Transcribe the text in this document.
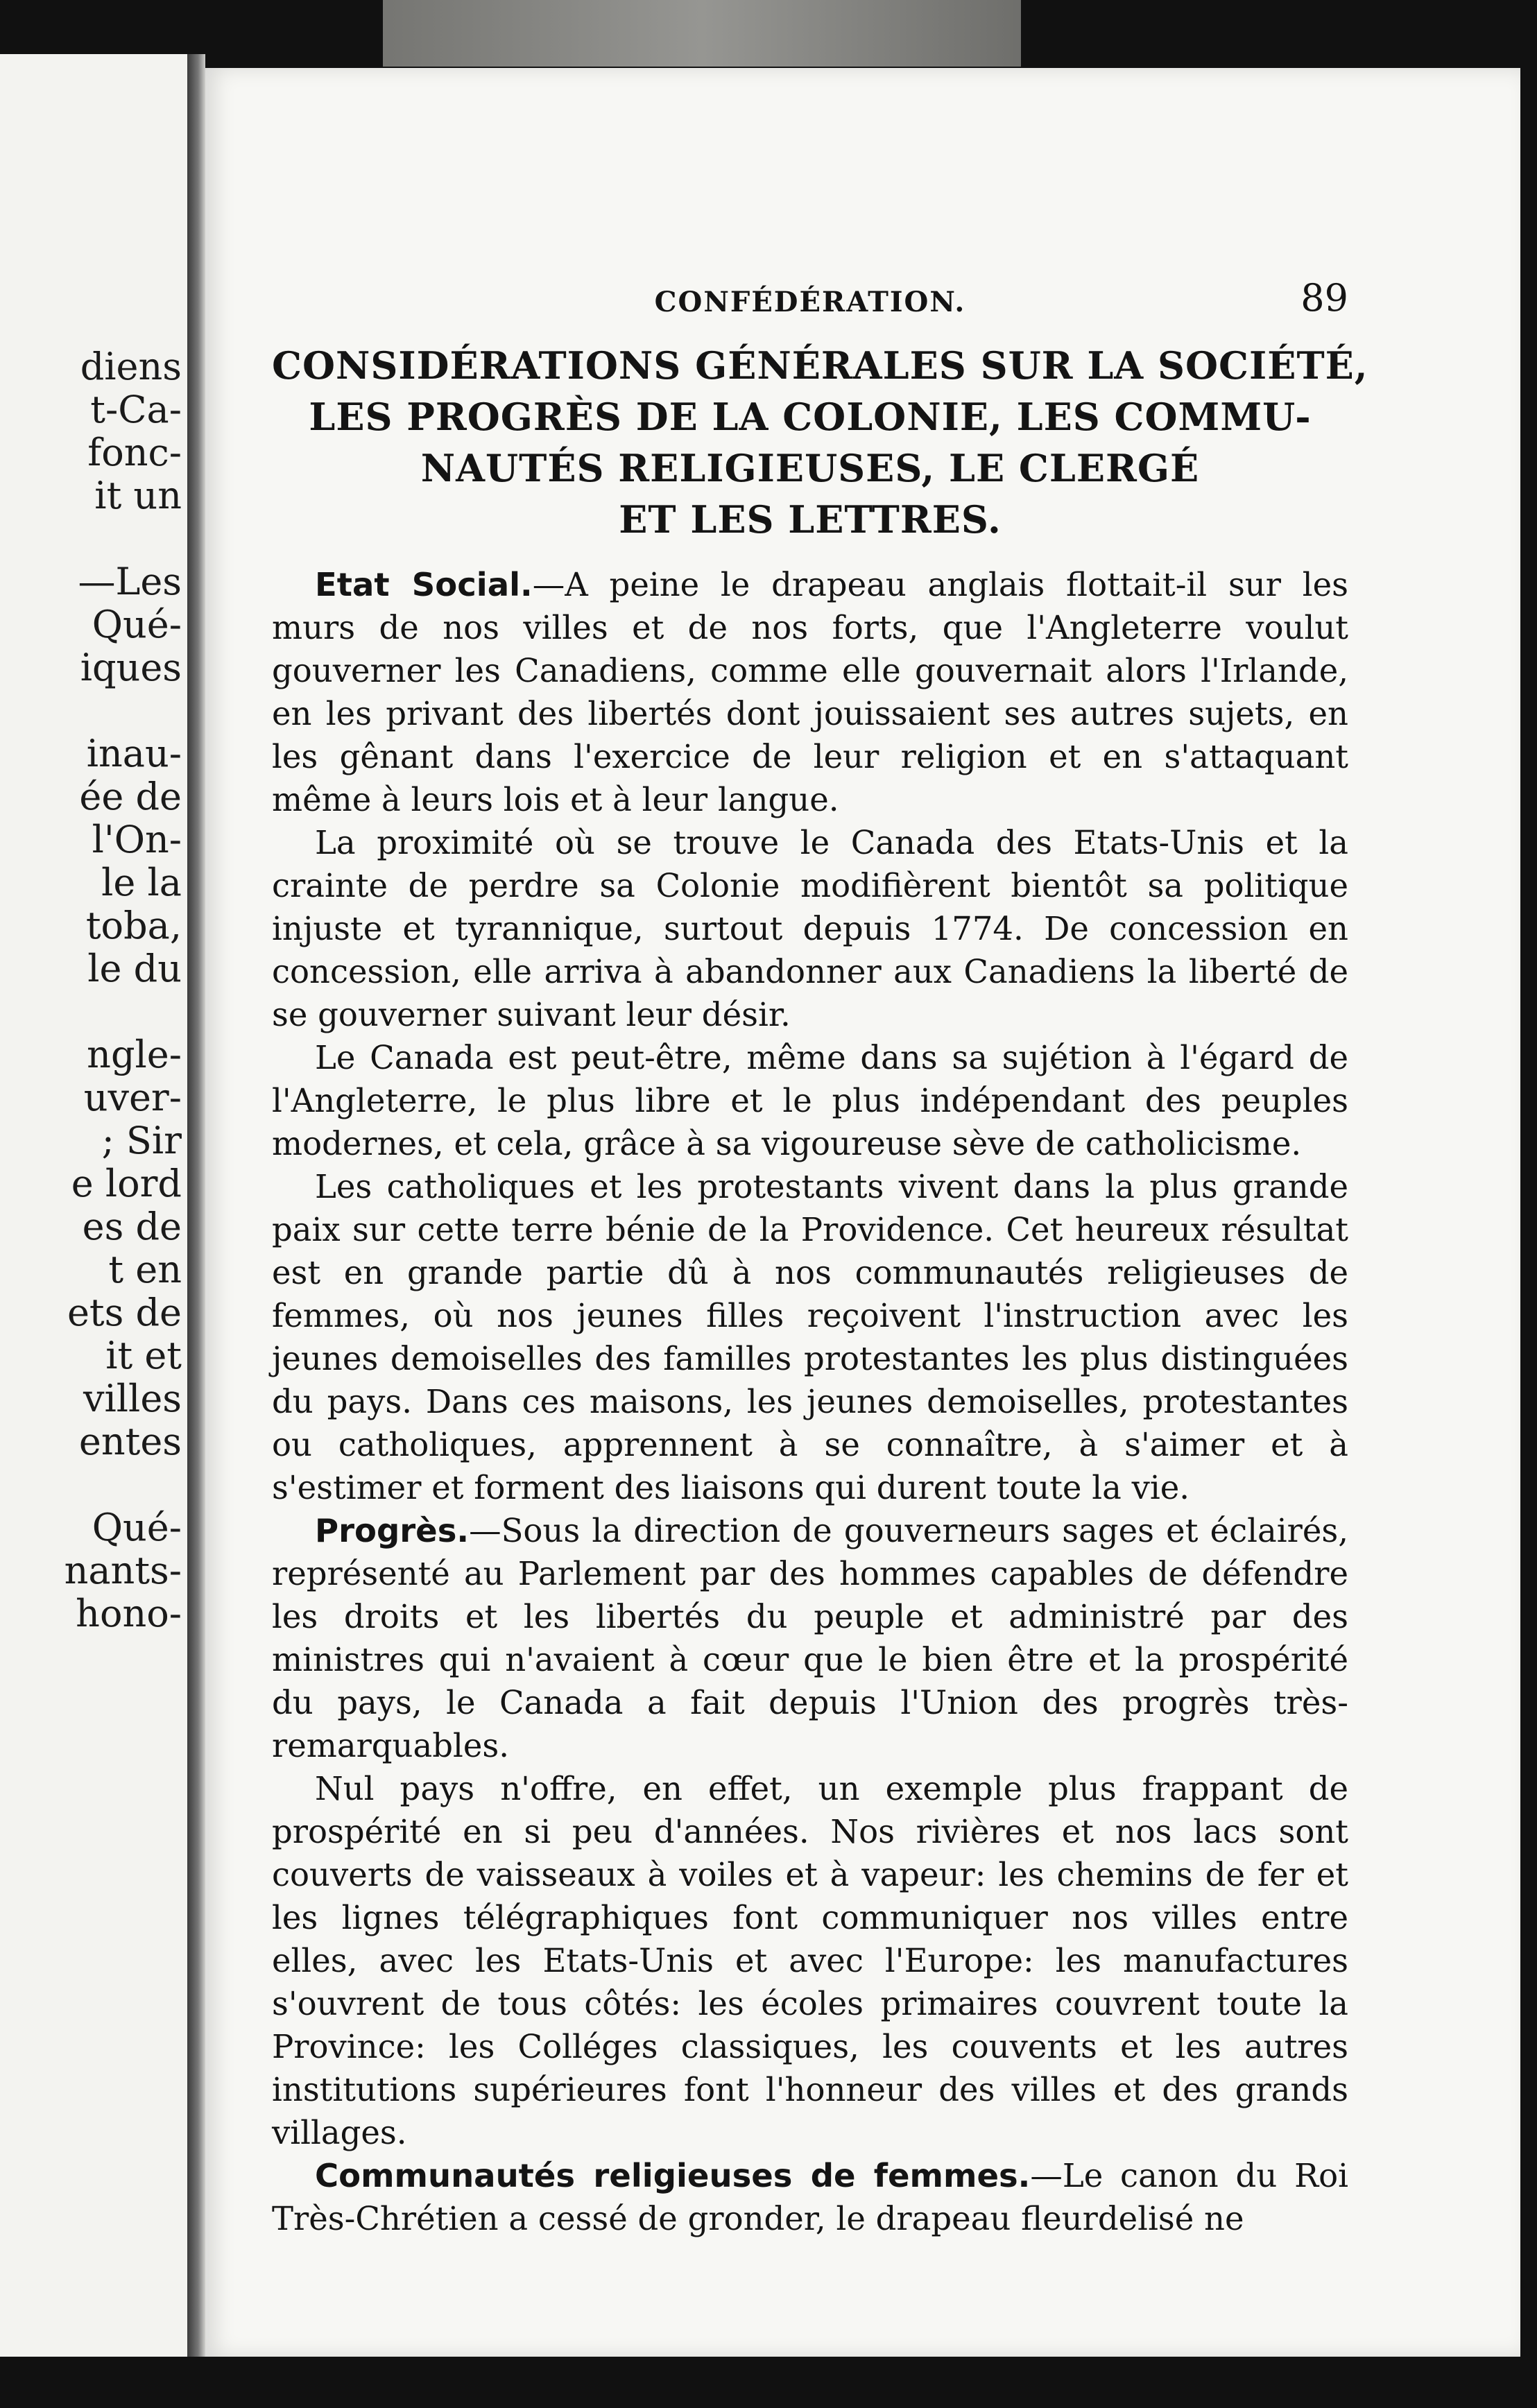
diens
t-Ca-
fonc-
it un

—Les
Qué-
iques

inau-
ée de
l'On-
le la
toba,
le du

ngle-
uver-
; Sir
e lord
es de
t en
ets de
it et
villes
entes

Qué-
nants-
hono-
CONFÉDÉRATION.	89
CONSIDÉRATIONS GÉNÉRALES SUR LA SOCIÉTÉ,
LES PROGRÈS DE LA COLONIE, LES COMMU-
NAUTÉS RELIGIEUSES, LE CLERGÉ
ET LES LETTRES.

Etat Social.—A peine le drapeau anglais flottait-il sur les murs de nos villes et de nos forts, que l'Angleterre voulut gouverner les Canadiens, comme elle gouvernait alors l'Irlande, en les privant des libertés dont jouissaient ses autres sujets, en les gênant dans l'exercice de leur religion et en s'attaquant même à leurs lois et à leur langue.

La proximité où se trouve le Canada des Etats-Unis et la crainte de perdre sa Colonie modifièrent bientôt sa politique injuste et tyrannique, surtout depuis 1774. De concession en concession, elle arriva à abandonner aux Canadiens la liberté de se gouverner suivant leur désir.

Le Canada est peut-être, même dans sa sujétion à l'égard de l'Angleterre, le plus libre et le plus indépendant des peuples modernes, et cela, grâce à sa vigoureuse sève de catholicisme.

Les catholiques et les protestants vivent dans la plus grande paix sur cette terre bénie de la Providence. Cet heureux résultat est en grande partie dû à nos communautés religieuses de femmes, où nos jeunes filles reçoivent l'instruction avec les jeunes demoiselles des familles protestantes les plus distinguées du pays. Dans ces maisons, les jeunes demoiselles, protestantes ou catholiques, apprennent à se connaître, à s'aimer et à s'estimer et forment des liaisons qui durent toute la vie.

Progrès.—Sous la direction de gouverneurs sages et éclairés, représenté au Parlement par des hommes capables de défendre les droits et les libertés du peuple et administré par des ministres qui n'avaient à cœur que le bien être et la prospérité du pays, le Canada a fait depuis l'Union des progrès très-remarquables.

Nul pays n'offre, en effet, un exemple plus frappant de prospérité en si peu d'années. Nos rivières et nos lacs sont couverts de vaisseaux à voiles et à vapeur: les chemins de fer et les lignes télégraphiques font communiquer nos villes entre elles, avec les Etats-Unis et avec l'Europe: les manufactures s'ouvrent de tous côtés: les écoles primaires couvrent toute la Province: les Colléges classiques, les couvents et les autres institutions supérieures font l'honneur des villes et des grands villages.

Communautés religieuses de femmes.—Le canon du Roi Très-Chrétien a cessé de gronder, le drapeau fleurdelisé ne
